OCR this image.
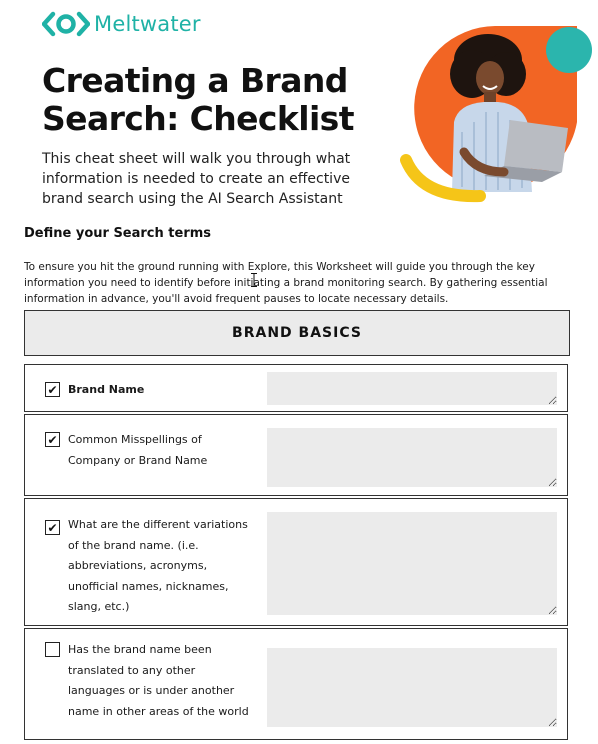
Meltwater
Creating a Brand
Search: Checklist

This cheat sheet will walk you through what
information is needed to create an effective
brand search using the AI Search Assistant

Define your Search terms

To ensure you hit the ground running with Explore, this Worksheet will guide you through the key
information you need to identify before initiating a brand monitoring search. By gathering essential
information in advance, you'll avoid frequent pauses to locate necessary details.

BRAND BASICS
✔ Brand Name

✔ Common Misspellings of
Company or Brand Name

✔ What are the different variations
of the brand name. (i.e.
abbreviations, acronyms,
unofficial names, nicknames,
slang, etc.)

Has the brand name been
translated to any other
languages or is under another
name in other areas of the world
